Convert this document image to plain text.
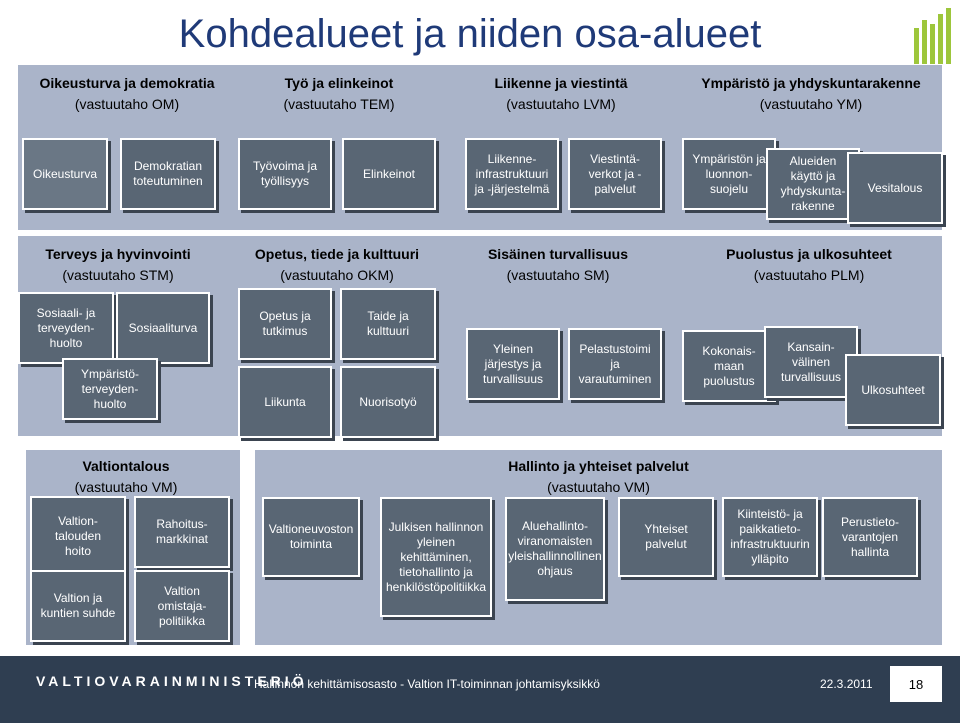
Kohdealueet ja niiden osa-alueet
Oikeusturva ja demokratia
(vastuutaho OM)
Työ ja elinkeinot
(vastuutaho TEM)
Liikenne ja viestintä
(vastuutaho LVM)
Ympäristö ja yhdyskuntarakenne
(vastuutaho YM)
Terveys ja hyvinvointi
(vastuutaho STM)
Opetus, tiede ja kulttuuri
(vastuutaho OKM)
Sisäinen turvallisuus
(vastuutaho SM)
Puolustus ja ulkosuhteet
(vastuutaho PLM)
Valtiontalous
(vastuutaho VM)
Hallinto ja yhteiset palvelut
(vastuutaho VM)
Oikeusturva
Demokratian
toteutuminen
Työvoima ja
työllisyys
Elinkeinot
Liikenne-
infrastruktuuri
ja -järjestelmä
Viestintä-
verkot ja -
palvelut
Ympäristön ja
luonnon-
suojelu
Alueiden
käyttö ja
yhdyskunta-
rakenne
Vesitalous
Sosiaali- ja
terveyden-
huolto
Sosiaaliturva
Ympäristö-
terveyden-
huolto
Opetus ja
tutkimus
Taide ja
kulttuuri
Liikunta	Nuorisotyö
Yleinen
järjestys ja
turvallisuus
Pelastustoimi
ja
varautuminen
Kokonais-
maan
puolustus
Kansain-
välinen
turvallisuus
Ulkosuhteet
Valtion-
talouden
hoito
Rahoitus-
markkinat
Valtion ja
kuntien suhde
Valtion
omistaja-
politiikka
Valtioneuvoston
toiminta
Julkisen hallinnon
yleinen
kehittäminen,
tietohallinto ja
henkilöstöpolitiikka
Aluehallinto-
viranomaisten
yleishallinnollinen
ohjaus
Yhteiset
palvelut
Kiinteistö- ja
paikkatieto-
infrastruktuurin
ylläpito
Perustieto-
varantojen
hallinta
VALTIOVARAINMINISTERIÖ
Hallinnon kehittämisosasto - Valtion IT-toiminnan johtamisyksikkö	22.3.2011	18
